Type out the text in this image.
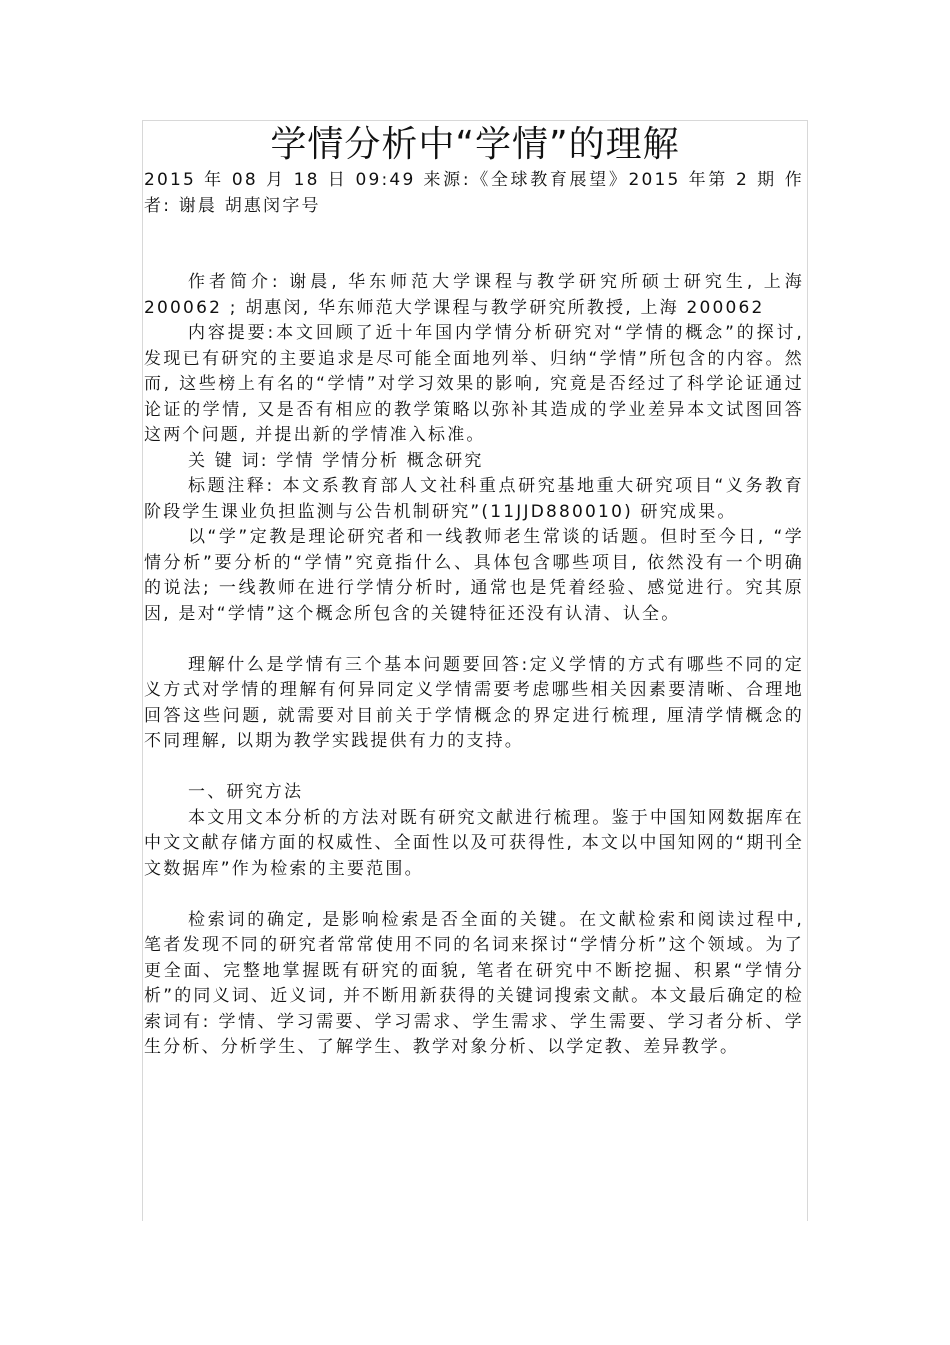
学情分析中“学情”的理解

2015 年 08 月 18 日 09:49 来源:《全球教育展望》2015 年第 2 期 作者: 谢晨 胡惠闵字号

作者简介: 谢晨, 华东师范大学课程与教学研究所硕士研究生, 上海 200062 ; 胡惠闵, 华东师范大学课程与教学研究所教授, 上海 200062

内容提要:本文回顾了近十年国内学情分析研究对“学情的概念”的探讨, 发现已有研究的主要追求是尽可能全面地列举、归纳“学情”所包含的内容。然而, 这些榜上有名的“学情”对学习效果的影响, 究竟是否经过了科学论证通过论证的学情, 又是否有相应的教学策略以弥补其造成的学业差异本文试图回答这两个问题, 并提出新的学情准入标准。

关 键 词: 学情 学情分析 概念研究

标题注释: 本文系教育部人文社科重点研究基地重大研究项目“义务教育阶段学生课业负担监测与公告机制研究”(11JJD880010) 研究成果。

以“学”定教是理论研究者和一线教师老生常谈的话题。但时至今日, “学情分析”要分析的“学情”究竟指什么、具体包含哪些项目, 依然没有一个明确的说法; 一线教师在进行学情分析时, 通常也是凭着经验、感觉进行。究其原因, 是对“学情”这个概念所包含的关键特征还没有认清、认全。

理解什么是学情有三个基本问题要回答:定义学情的方式有哪些不同的定义方式对学情的理解有何异同定义学情需要考虑哪些相关因素要清晰、合理地回答这些问题, 就需要对目前关于学情概念的界定进行梳理, 厘清学情概念的不同理解, 以期为教学实践提供有力的支持。

一、研究方法

本文用文本分析的方法对既有研究文献进行梳理。鉴于中国知网数据库在中文文献存储方面的权威性、全面性以及可获得性, 本文以中国知网的“期刊全文数据库”作为检索的主要范围。

检索词的确定, 是影响检索是否全面的关键。在文献检索和阅读过程中, 笔者发现不同的研究者常常使用不同的名词来探讨“学情分析”这个领域。为了更全面、完整地掌握既有研究的面貌, 笔者在研究中不断挖掘、积累“学情分析”的同义词、近义词, 并不断用新获得的关键词搜索文献。本文最后确定的检索词有: 学情、学习需要、学习需求、学生需求、学生需要、学习者分析、学生分析、分析学生、了解学生、教学对象分析、以学定教、差异教学。
